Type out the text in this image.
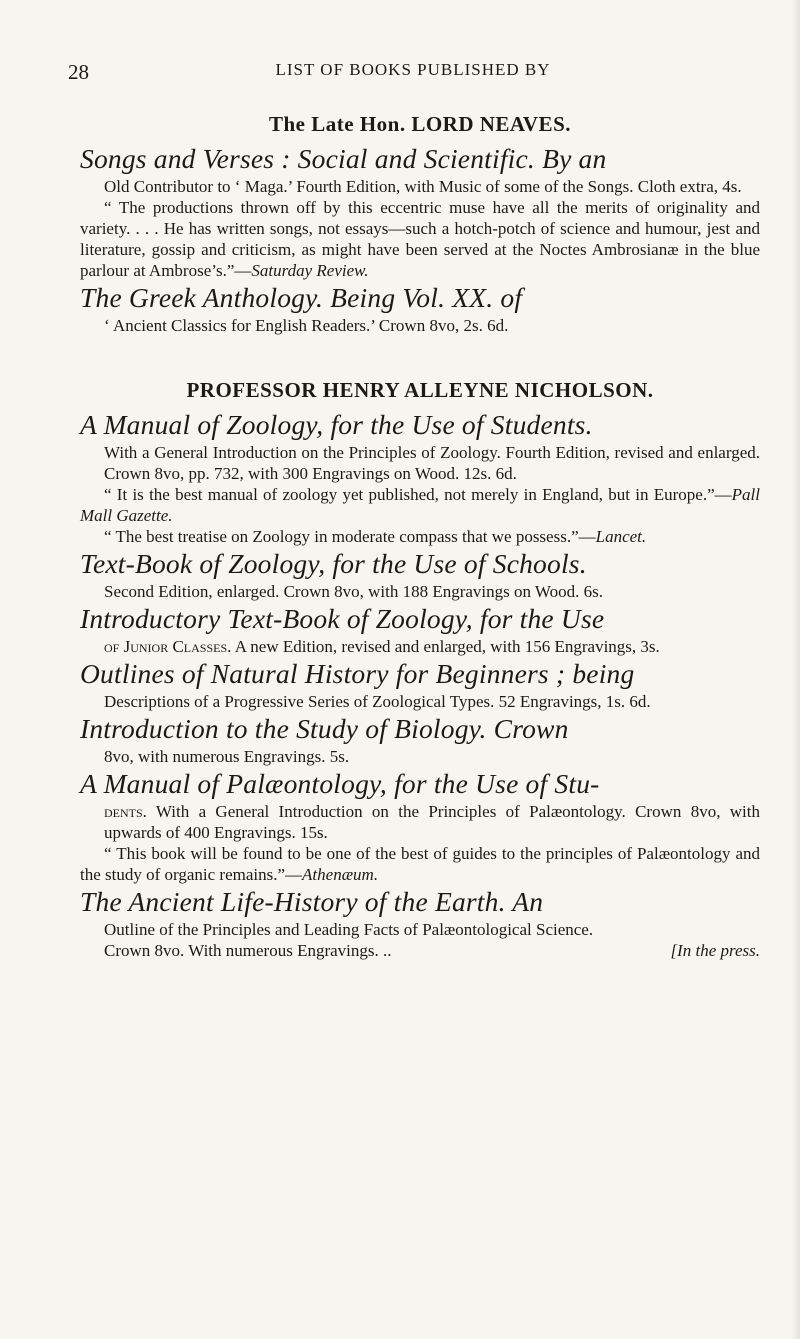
28	LIST OF BOOKS PUBLISHED BY

The Late Hon. LORD NEAVES.

Songs and Verses : Social and Scientific. By an

Old Contributor to ‘ Maga.’ Fourth Edition, with Music of some of the Songs. Cloth extra, 4s.

“ The productions thrown off by this eccentric muse have all the merits of originality and variety. . . . He has written songs, not essays—such a hotch-potch of science and humour, jest and literature, gossip and criticism, as might have been served at the Noctes Ambrosianæ in the blue parlour at Ambrose’s.”—Saturday Review.

The Greek Anthology. Being Vol. XX. of

‘ Ancient Classics for English Readers.’ Crown 8vo, 2s. 6d.

PROFESSOR HENRY ALLEYNE NICHOLSON.

A Manual of Zoology, for the Use of Students.

With a General Introduction on the Principles of Zoology. Fourth Edition, revised and enlarged. Crown 8vo, pp. 732, with 300 Engravings on Wood. 12s. 6d.

“ It is the best manual of zoology yet published, not merely in England, but in Europe.”—Pall Mall Gazette.

“ The best treatise on Zoology in moderate compass that we possess.”—Lancet.

Text-Book of Zoology, for the Use of Schools.

Second Edition, enlarged. Crown 8vo, with 188 Engravings on Wood. 6s.

Introductory Text-Book of Zoology, for the Use

of Junior Classes. A new Edition, revised and enlarged, with 156 Engravings, 3s.

Outlines of Natural History for Beginners ; being

Descriptions of a Progressive Series of Zoological Types. 52 Engravings, 1s. 6d.

Introduction to the Study of Biology. Crown

8vo, with numerous Engravings. 5s.

A Manual of Palæontology, for the Use of Stu-

dents. With a General Introduction on the Principles of Palæontology. Crown 8vo, with upwards of 400 Engravings. 15s.

“ This book will be found to be one of the best of guides to the principles of Palæontology and the study of organic remains.”—Athenæum.

The Ancient Life-History of the Earth. An

Outline of the Principles and Leading Facts of Palæontological Science.

Crown 8vo. With numerous Engravings. ..	[In the press.
